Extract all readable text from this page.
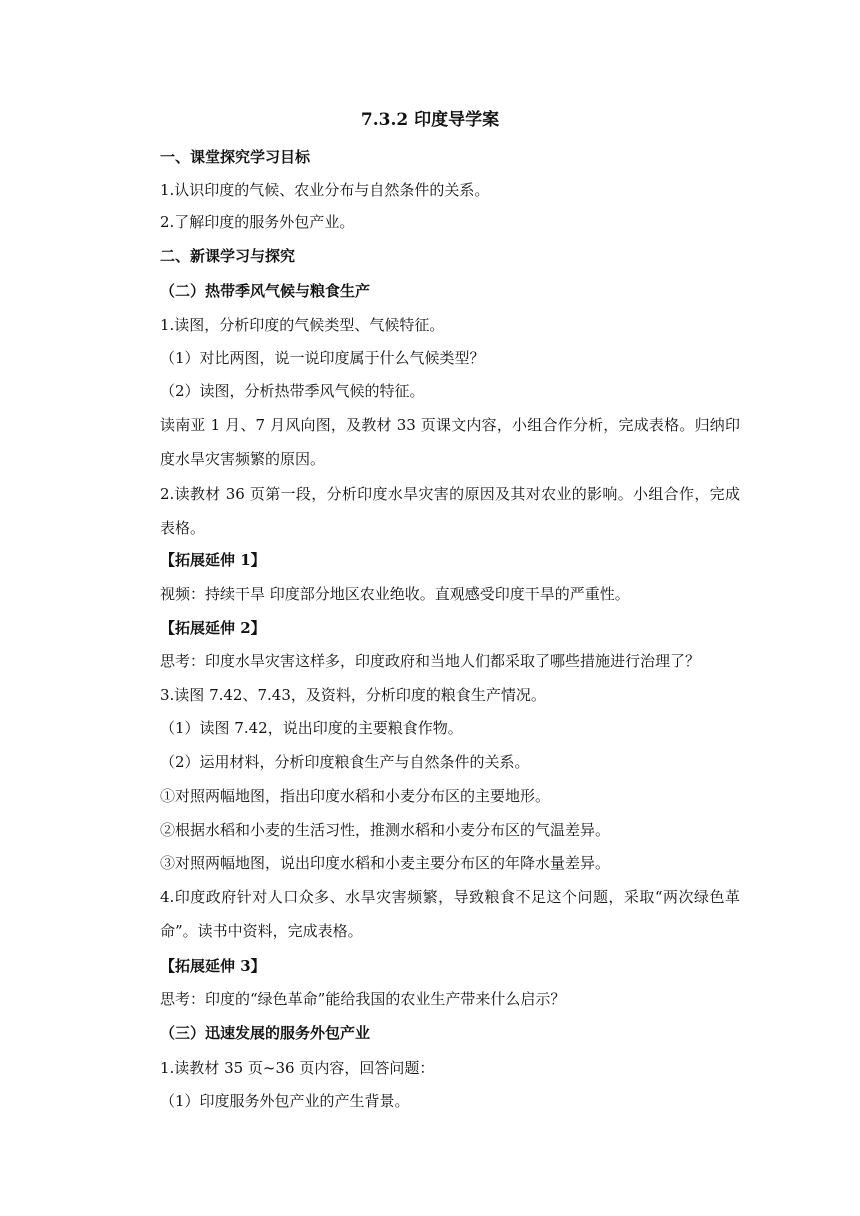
7.3.2 印度导学案
一、课堂探究学习目标
1.认识印度的气候、农业分布与自然条件的关系。
2.了解印度的服务外包产业。
二、新课学习与探究
（二）热带季风气候与粮食生产
1.读图，分析印度的气候类型、气候特征。
（1）对比两图，说一说印度属于什么气候类型？
（2）读图，分析热带季风气候的特征。
读南亚 1 月、7 月风向图，及教材 33 页课文内容，小组合作分析，完成表格。归纳印度水旱灾害频繁的原因。
2.读教材 36 页第一段，分析印度水旱灾害的原因及其对农业的影响。小组合作，完成表格。
【拓展延伸 1】
视频：持续干旱 印度部分地区农业绝收。直观感受印度干旱的严重性。
【拓展延伸 2】
思考：印度水旱灾害这样多，印度政府和当地人们都采取了哪些措施进行治理了？
3.读图 7.42、7.43，及资料，分析印度的粮食生产情况。
（1）读图 7.42，说出印度的主要粮食作物。
（2）运用材料，分析印度粮食生产与自然条件的关系。
①对照两幅地图，指出印度水稻和小麦分布区的主要地形。
②根据水稻和小麦的生活习性，推测水稻和小麦分布区的气温差异。
③对照两幅地图，说出印度水稻和小麦主要分布区的年降水量差异。
4.印度政府针对人口众多、水旱灾害频繁，导致粮食不足这个问题，采取“两次绿色革命”。读书中资料，完成表格。
【拓展延伸 3】
思考：印度的“绿色革命”能给我国的农业生产带来什么启示？
（三）迅速发展的服务外包产业
1.读教材 35 页~36 页内容，回答问题：
（1）印度服务外包产业的产生背景。
